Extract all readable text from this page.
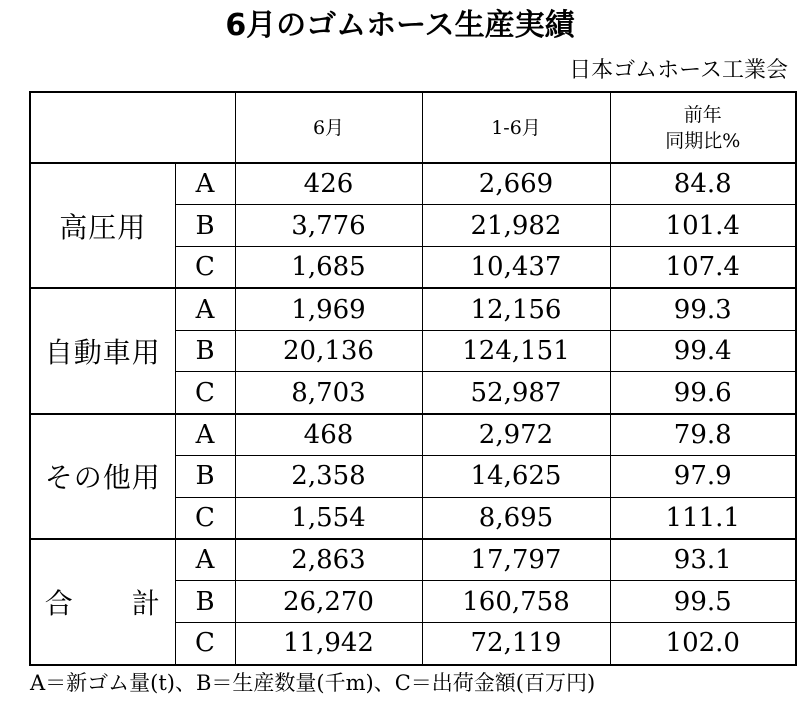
6月のゴムホース生産実績
日本ゴムホース工業会
		6月	1-6月	前年
同期比%

高圧用	A	426	2,669	84.8
	B	3,776	21,982	101.4
	C	1,685	10,437	107.4
自動車用	A	1,969	12,156	99.3
	B	20,136	124,151	99.4
	C	8,703	52,987	99.6
その他用	A	468	2,972	79.8
	B	2,358	14,625	97.9
	C	1,554	8,695	111.1
合 計	A	2,863	17,797	93.1
	B	26,270	160,758	99.5
	C	11,942	72,119	102.0
A＝新ゴム量(t)、B＝生産数量(千m)、C＝出荷金額(百万円)
